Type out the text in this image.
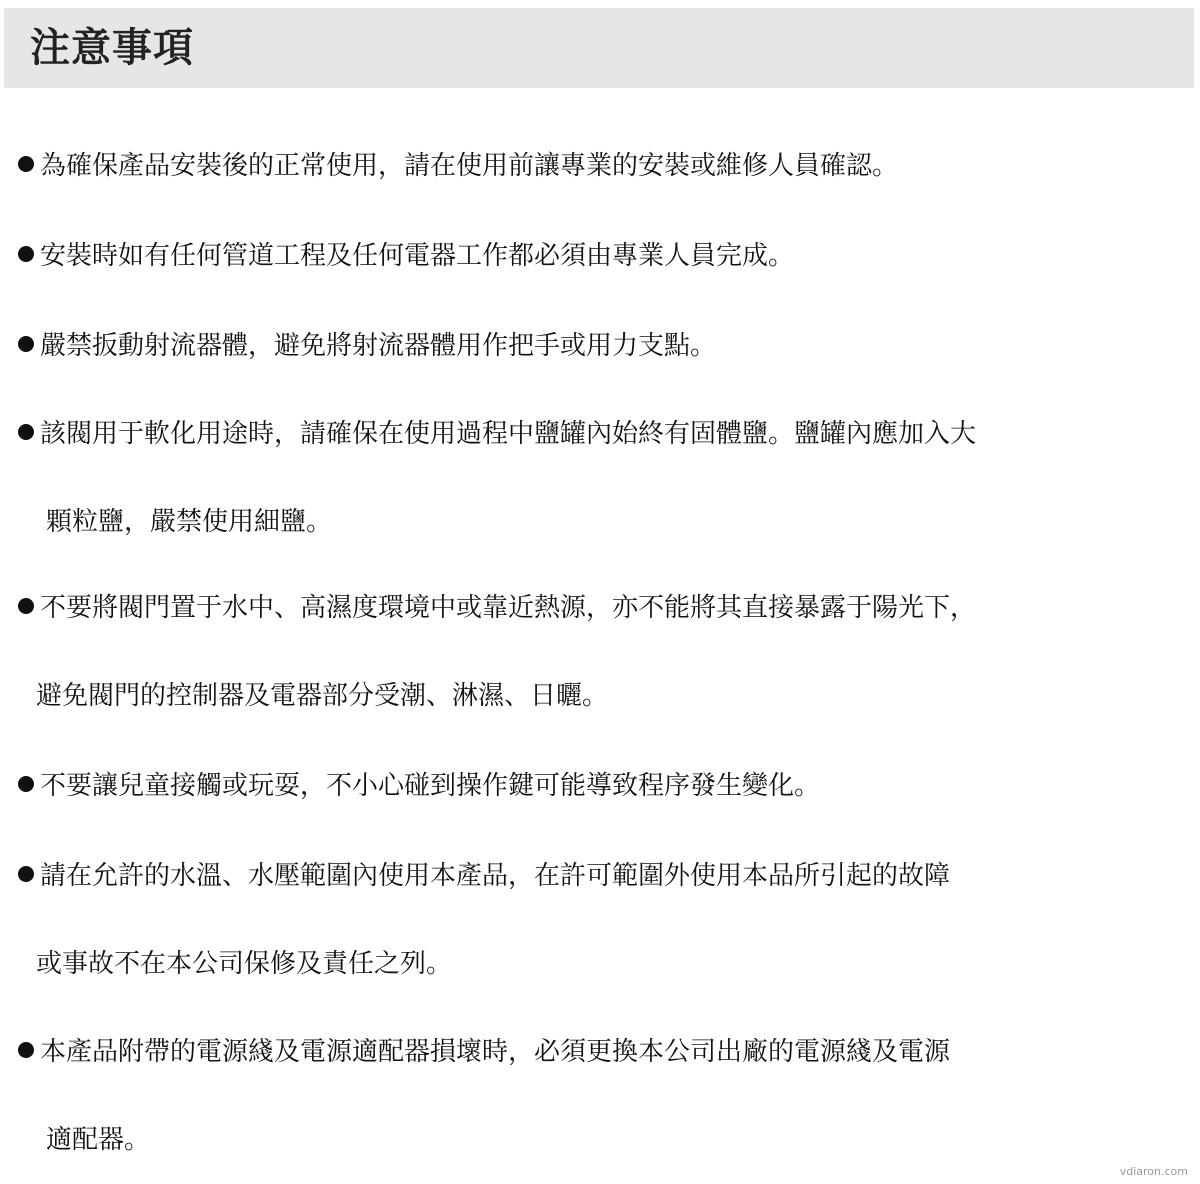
注意事項
為確保產品安裝後的正常使用，請在使用前讓專業的安裝或維修人員確認。
安裝時如有任何管道工程及任何電器工作都必須由專業人員完成。
嚴禁扳動射流器體，避免將射流器體用作把手或用力支點。
該閥用于軟化用途時，請確保在使用過程中鹽罐內始終有固體鹽。鹽罐內應加入大
顆粒鹽，嚴禁使用細鹽。
不要將閥門置于水中、高濕度環境中或靠近熱源，亦不能將其直接暴露于陽光下，
避免閥門的控制器及電器部分受潮、淋濕、日曬。
不要讓兒童接觸或玩耍，不小心碰到操作鍵可能導致程序發生變化。
請在允許的水溫、水壓範圍內使用本產品，在許可範圍外使用本品所引起的故障
或事故不在本公司保修及責任之列。
本產品附帶的電源綫及電源適配器損壞時，必須更換本公司出廠的電源綫及電源
適配器。
vdiaron.com
